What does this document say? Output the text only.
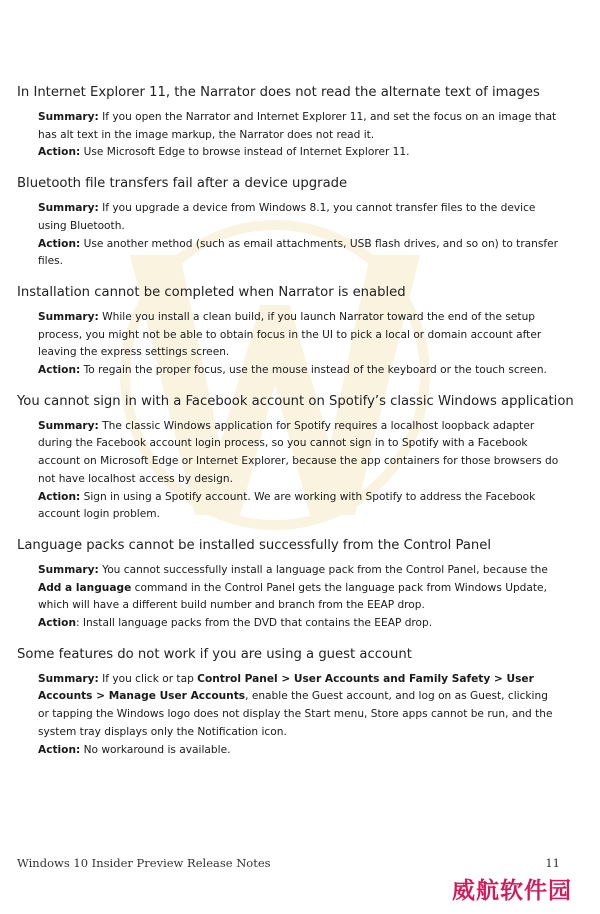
In Internet Explorer 11, the Narrator does not read the alternate text of images

Summary: If you open the Narrator and Internet Explorer 11, and set the focus on an image that has alt text in the image markup, the Narrator does not read it.

Action: Use Microsoft Edge to browse instead of Internet Explorer 11.

Bluetooth file transfers fail after a device upgrade

Summary: If you upgrade a device from Windows 8.1, you cannot transfer files to the device using Bluetooth.

Action: Use another method (such as email attachments, USB flash drives, and so on) to transfer files.

Installation cannot be completed when Narrator is enabled

Summary: While you install a clean build, if you launch Narrator toward the end of the setup process, you might not be able to obtain focus in the UI to pick a local or domain account after leaving the express settings screen.

Action: To regain the proper focus, use the mouse instead of the keyboard or the touch screen.

You cannot sign in with a Facebook account on Spotify’s classic Windows application

Summary: The classic Windows application for Spotify requires a localhost loopback adapter during the Facebook account login process, so you cannot sign in to Spotify with a Facebook account on Microsoft Edge or Internet Explorer, because the app containers for those browsers do not have localhost access by design.

Action: Sign in using a Spotify account. We are working with Spotify to address the Facebook account login problem.

Language packs cannot be installed successfully from the Control Panel

Summary: You cannot successfully install a language pack from the Control Panel, because the Add a language command in the Control Panel gets the language pack from Windows Update, which will have a different build number and branch from the EEAP drop.

Action: Install language packs from the DVD that contains the EEAP drop.

Some features do not work if you are using a guest account

Summary: If you click or tap Control Panel > User Accounts and Family Safety > User Accounts > Manage User Accounts, enable the Guest account, and log on as Guest, clicking or tapping the Windows logo does not display the Start menu, Store apps cannot be run, and the system tray displays only the Notification icon.

Action: No workaround is available.

Windows 10 Insider Preview Release Notes	11
威航软件园
